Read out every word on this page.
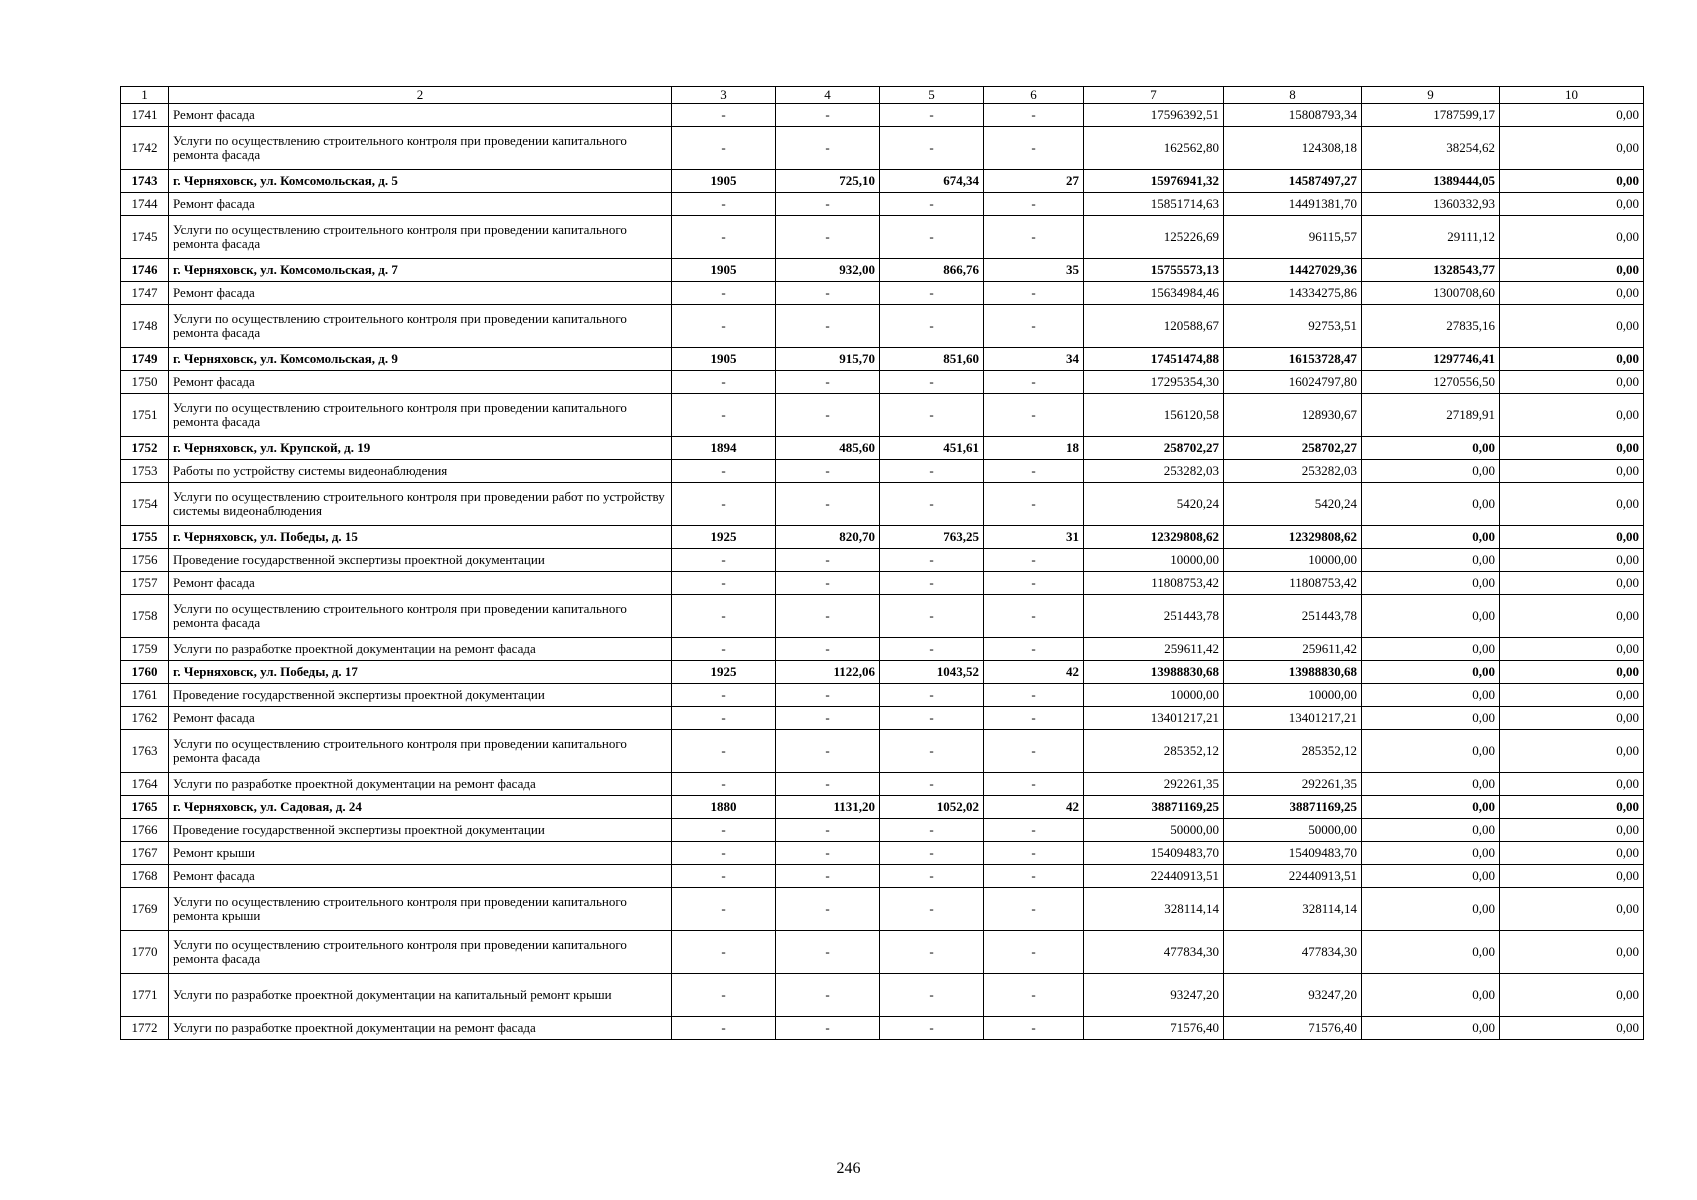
1	2	3	4	5	6	7	8	9	10
1741	Ремонт фасада	-	-	-	-	17596392,51	15808793,34	1787599,17	0,00
1742	Услуги по осуществлению строительного контроля при проведении капитального ремонта фасада	-	-	-	-	162562,80	124308,18	38254,62	0,00
1743	г. Черняховск, ул. Комсомольская, д. 5	1905	725,10	674,34	27	15976941,32	14587497,27	1389444,05	0,00
1744	Ремонт фасада	-	-	-	-	15851714,63	14491381,70	1360332,93	0,00
1745	Услуги по осуществлению строительного контроля при проведении капитального ремонта фасада	-	-	-	-	125226,69	96115,57	29111,12	0,00
1746	г. Черняховск, ул. Комсомольская, д. 7	1905	932,00	866,76	35	15755573,13	14427029,36	1328543,77	0,00
1747	Ремонт фасада	-	-	-	-	15634984,46	14334275,86	1300708,60	0,00
1748	Услуги по осуществлению строительного контроля при проведении капитального ремонта фасада	-	-	-	-	120588,67	92753,51	27835,16	0,00
1749	г. Черняховск, ул. Комсомольская, д. 9	1905	915,70	851,60	34	17451474,88	16153728,47	1297746,41	0,00
1750	Ремонт фасада	-	-	-	-	17295354,30	16024797,80	1270556,50	0,00
1751	Услуги по осуществлению строительного контроля при проведении капитального ремонта фасада	-	-	-	-	156120,58	128930,67	27189,91	0,00
1752	г. Черняховск, ул. Крупской, д. 19	1894	485,60	451,61	18	258702,27	258702,27	0,00	0,00
1753	Работы по устройству системы видеонаблюдения	-	-	-	-	253282,03	253282,03	0,00	0,00
1754	Услуги по осуществлению строительного контроля при проведении работ по устройству системы видеонаблюдения	-	-	-	-	5420,24	5420,24	0,00	0,00
1755	г. Черняховск, ул. Победы, д. 15	1925	820,70	763,25	31	12329808,62	12329808,62	0,00	0,00
1756	Проведение государственной экспертизы проектной документации	-	-	-	-	10000,00	10000,00	0,00	0,00
1757	Ремонт фасада	-	-	-	-	11808753,42	11808753,42	0,00	0,00
1758	Услуги по осуществлению строительного контроля при проведении капитального ремонта фасада	-	-	-	-	251443,78	251443,78	0,00	0,00
1759	Услуги по разработке проектной документации на ремонт фасада	-	-	-	-	259611,42	259611,42	0,00	0,00
1760	г. Черняховск, ул. Победы, д. 17	1925	1122,06	1043,52	42	13988830,68	13988830,68	0,00	0,00
1761	Проведение государственной экспертизы проектной документации	-	-	-	-	10000,00	10000,00	0,00	0,00
1762	Ремонт фасада	-	-	-	-	13401217,21	13401217,21	0,00	0,00
1763	Услуги по осуществлению строительного контроля при проведении капитального ремонта фасада	-	-	-	-	285352,12	285352,12	0,00	0,00
1764	Услуги по разработке проектной документации на ремонт фасада	-	-	-	-	292261,35	292261,35	0,00	0,00
1765	г. Черняховск, ул. Садовая, д. 24	1880	1131,20	1052,02	42	38871169,25	38871169,25	0,00	0,00
1766	Проведение государственной экспертизы проектной документации	-	-	-	-	50000,00	50000,00	0,00	0,00
1767	Ремонт крыши	-	-	-	-	15409483,70	15409483,70	0,00	0,00
1768	Ремонт фасада	-	-	-	-	22440913,51	22440913,51	0,00	0,00
1769	Услуги по осуществлению строительного контроля при проведении капитального ремонта крыши	-	-	-	-	328114,14	328114,14	0,00	0,00
1770	Услуги по осуществлению строительного контроля при проведении капитального ремонта фасада	-	-	-	-	477834,30	477834,30	0,00	0,00
1771	Услуги по разработке проектной документации на капитальный ремонт крыши	-	-	-	-	93247,20	93247,20	0,00	0,00
1772	Услуги по разработке проектной документации на ремонт фасада	-	-	-	-	71576,40	71576,40	0,00	0,00
246
